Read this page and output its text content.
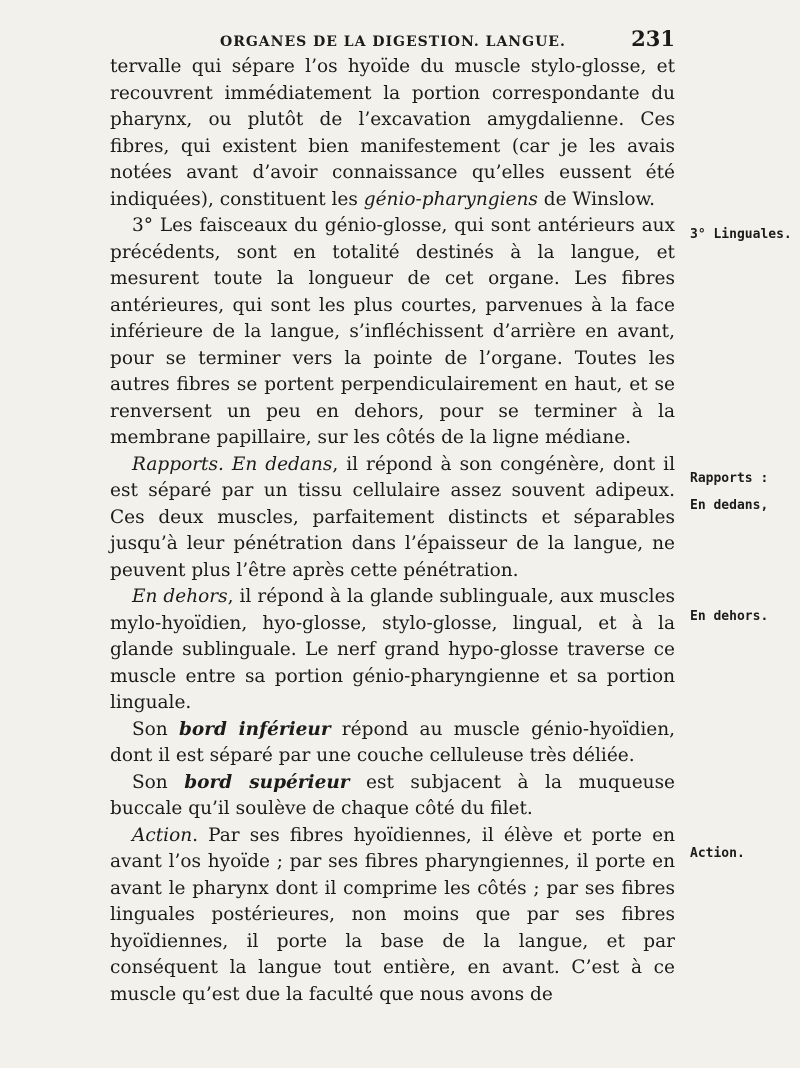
ORGANES DE LA DIGESTION. LANGUE.	231

tervalle qui sépare l’os hyoïde du muscle stylo-glosse, et recouvrent immédiatement la portion correspondante du pharynx, ou plutôt de l’excavation amygdalienne. Ces fibres, qui existent bien manifestement (car je les avais notées avant d’avoir connaissance qu’elles eussent été indiquées), constituent les génio-pharyngiens de Winslow.

3° Les faisceaux du génio-glosse, qui sont antérieurs aux précédents, sont en totalité destinés à la langue, et mesurent toute la longueur de cet organe. Les fibres antérieures, qui sont les plus courtes, parvenues à la face inférieure de la langue, s’infléchissent d’arrière en avant, pour se terminer vers la pointe de l’organe. Toutes les autres fibres se portent perpendiculairement en haut, et se renversent un peu en dehors, pour se terminer à la membrane papillaire, sur les côtés de la ligne médiane.

Rapports. En dedans, il répond à son congénère, dont il est séparé par un tissu cellulaire assez souvent adipeux. Ces deux muscles, parfaitement distincts et séparables jusqu’à leur pénétration dans l’épaisseur de la langue, ne peuvent plus l’être après cette pénétration.

En dehors, il répond à la glande sublinguale, aux muscles mylo-hyoïdien, hyo-glosse, stylo-glosse, lingual, et à la glande sublinguale. Le nerf grand hypo-glosse traverse ce muscle entre sa portion génio-pharyngienne et sa portion linguale.

Son bord inférieur répond au muscle génio-hyoïdien, dont il est séparé par une couche celluleuse très déliée.

Son bord supérieur est subjacent à la muqueuse buccale qu’il soulève de chaque côté du filet.

Action. Par ses fibres hyoïdiennes, il élève et porte en avant l’os hyoïde ; par ses fibres pharyngiennes, il porte en avant le pharynx dont il comprime les côtés ; par ses fibres linguales postérieures, non moins que par ses fibres hyoïdiennes, il porte la base de la langue, et par conséquent la langue tout entière, en avant. C’est à ce muscle qu’est due la faculté que nous avons de

3° Linguales.
Rapports :
En dedans,
En dehors.
Action.
